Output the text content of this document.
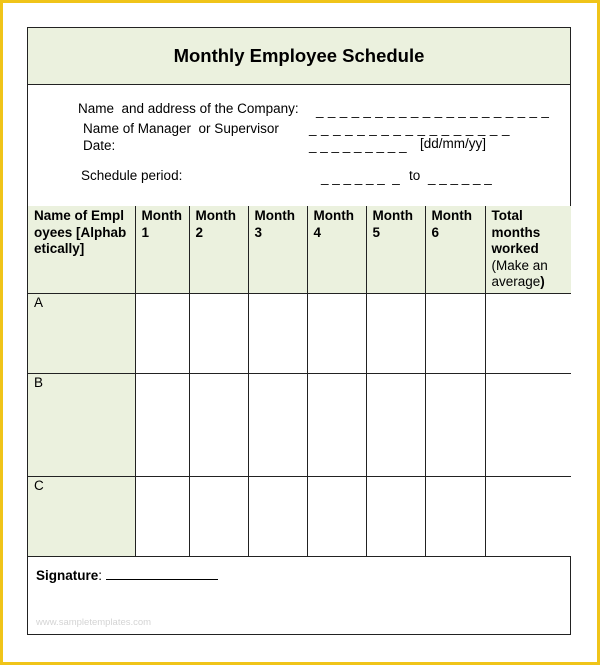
Monthly Employee Schedule
Name  and address of the Company: _ _ _ _ _ _ _ _ _ _ _ _ _ _ _ _ _ _ _ _
Name of Manager  or Supervisor _ _ _ _ _ _ _ _ _ _ _ _ _ _ _ _ _
Date:	_ _ _ _ _ _ _ _ _ [dd/mm/yy]
Schedule period:	_ _ _ _ _ _  _ to _ _ _ _ _ _
Name of Employees [Alphabetically]	Month 1	Month 2	Month 3	Month 4	Month 5	Month 6	Total months worked (Make an average)
A							
B							
C							
Signature:
www.sampletemplates.com
